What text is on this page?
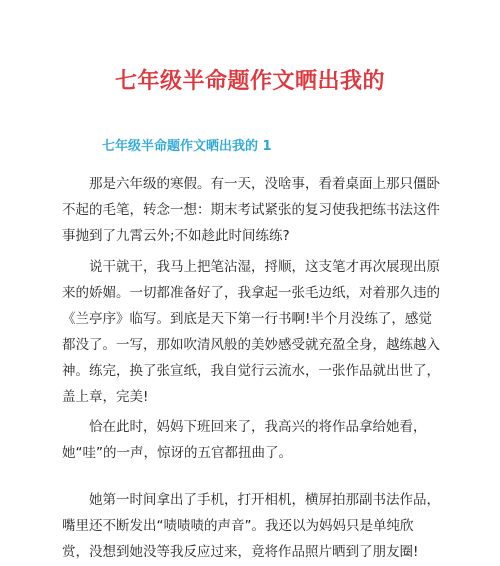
七年级半命题作文晒出我的
七年级半命题作文晒出我的 1

那是六年级的寒假。有一天，没啥事，看着桌面上那只僵卧不起的毛笔，转念一想：期末考试紧张的复习使我把练书法这件事抛到了九霄云外;不如趁此时间练练?

说干就干，我马上把笔沾湿，捋顺，这支笔才再次展现出原来的娇媚。一切都准备好了，我拿起一张毛边纸，对着那久违的《兰亭序》临写。到底是天下第一行书啊!半个月没练了，感觉都没了。一写，那如吹清风般的美妙感受就充盈全身，越练越入神。练完，换了张宣纸，我自觉行云流水，一张作品就出世了，盖上章，完美!

恰在此时，妈妈下班回来了，我高兴的将作品拿给她看，她“哇”的一声，惊讶的五官都扭曲了。

她第一时间拿出了手机，打开相机，横屏拍那副书法作品，嘴里还不断发出“啧啧啧的声音”。我还以为妈妈只是单纯欣赏，没想到她没等我反应过来，竟将作品照片晒到了朋友圈!
